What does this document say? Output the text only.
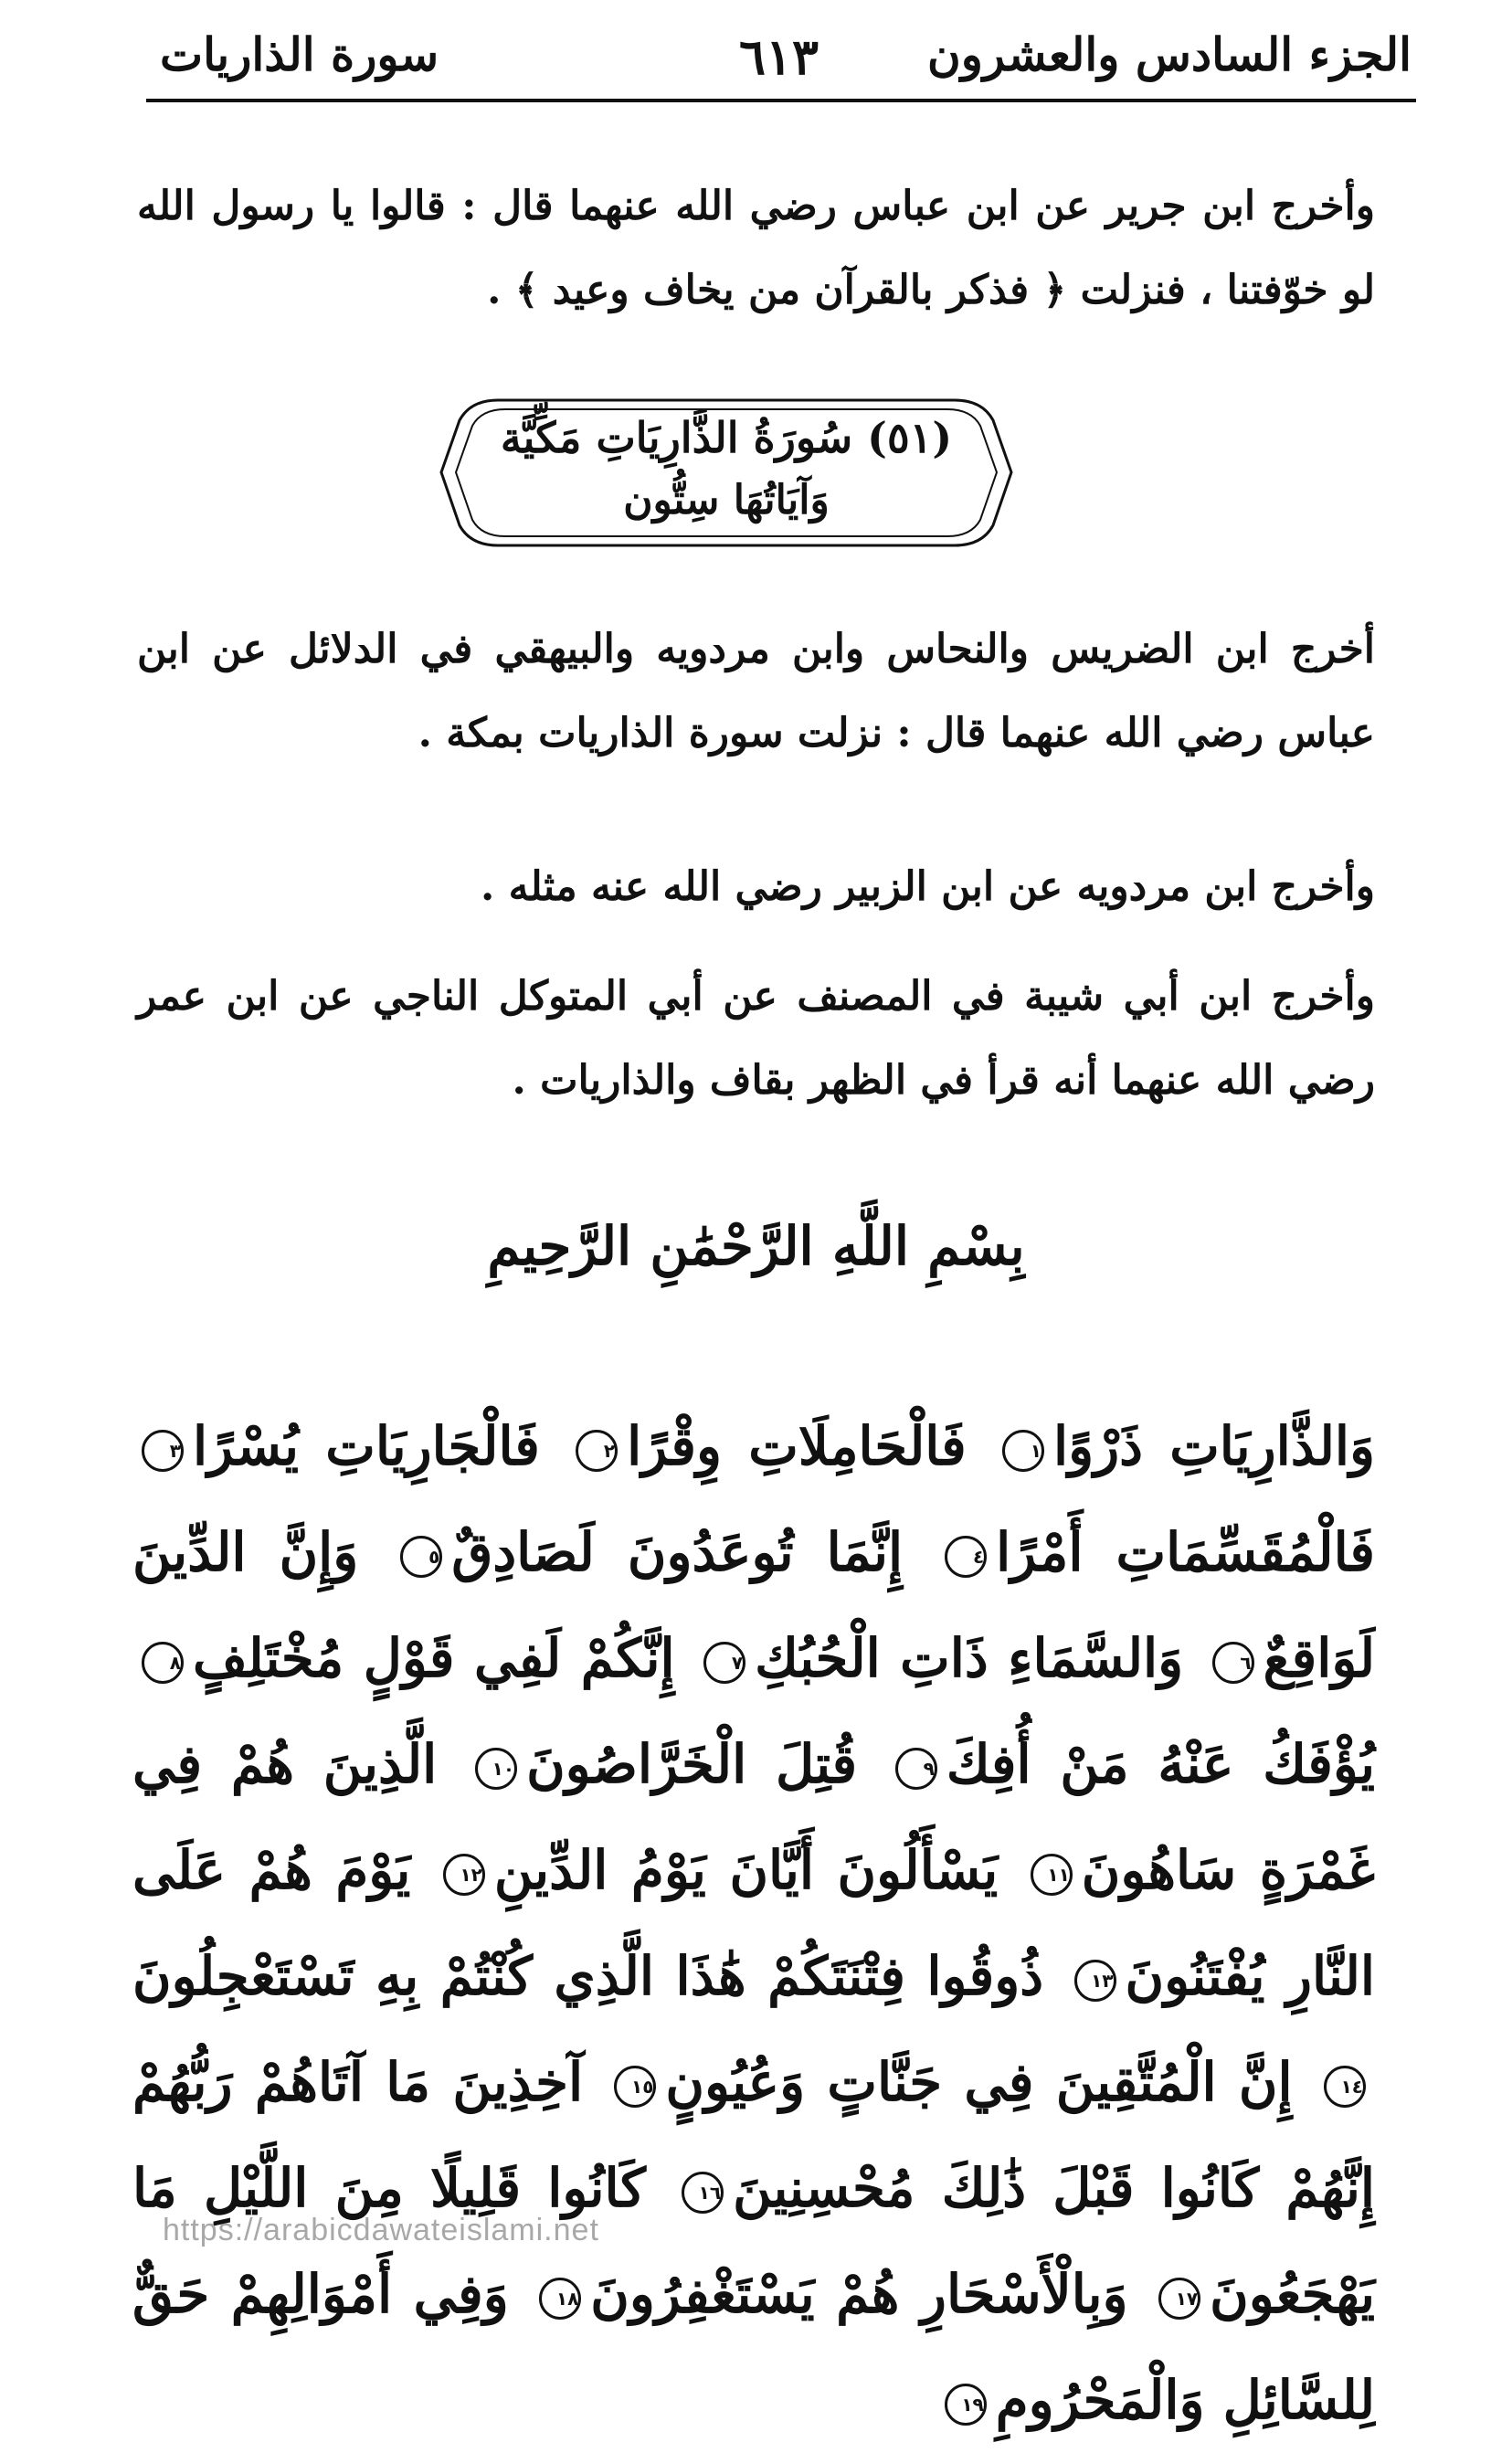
الجزء السادس والعشرون
٦١٣
سورة الذاريات
وأخرج ابن جرير عن ابن عباس رضي الله عنهما قال : قالوا يا رسول الله لو خوّفتنا ، فنزلت ﴿ فذكر بالقرآن من يخاف وعيد ﴾ .
(٥١) سُورَةُ الذَّارِيَاتِ مَكِّيَّة
وَآيَاتُهَا سِتُّون
أخرج ابن الضريس والنحاس وابن مردويه والبيهقي في الدلائل عن ابن عباس رضي الله عنهما قال : نزلت سورة الذاريات بمكة .
وأخرج ابن مردويه عن ابن الزبير رضي الله عنه مثله .
وأخرج ابن أبي شيبة في المصنف عن أبي المتوكل الناجي عن ابن عمر رضي الله عنهما أنه قرأ في الظهر بقاف والذاريات .
بِسْمِ اللَّهِ الرَّحْمَٰنِ الرَّحِيمِ
وَالذَّارِيَاتِ ذَرْوًا١ فَالْحَامِلَاتِ وِقْرًا٢ فَالْجَارِيَاتِ يُسْرًا٣ فَالْمُقَسِّمَاتِ أَمْرًا٤ إِنَّمَا تُوعَدُونَ لَصَادِقٌ٥ وَإِنَّ الدِّينَ لَوَاقِعٌ٦ وَالسَّمَاءِ ذَاتِ الْحُبُكِ٧ إِنَّكُمْ لَفِي قَوْلٍ مُخْتَلِفٍ٨ يُؤْفَكُ عَنْهُ مَنْ أُفِكَ٩ قُتِلَ الْخَرَّاصُونَ١٠ الَّذِينَ هُمْ فِي غَمْرَةٍ سَاهُونَ١١ يَسْأَلُونَ أَيَّانَ يَوْمُ الدِّينِ١٢ يَوْمَ هُمْ عَلَى النَّارِ يُفْتَنُونَ١٣ ذُوقُوا فِتْنَتَكُمْ هَٰذَا الَّذِي كُنْتُمْ بِهِ تَسْتَعْجِلُونَ١٤ إِنَّ الْمُتَّقِينَ فِي جَنَّاتٍ وَعُيُونٍ١٥ آخِذِينَ مَا آتَاهُمْ رَبُّهُمْ إِنَّهُمْ كَانُوا قَبْلَ ذَٰلِكَ مُحْسِنِينَ١٦ كَانُوا قَلِيلًا مِنَ اللَّيْلِ مَا يَهْجَعُونَ١٧ وَبِالْأَسْحَارِ هُمْ يَسْتَغْفِرُونَ١٨ وَفِي أَمْوَالِهِمْ حَقٌّ لِلسَّائِلِ وَالْمَحْرُومِ١٩
https://arabicdawateislami.net
